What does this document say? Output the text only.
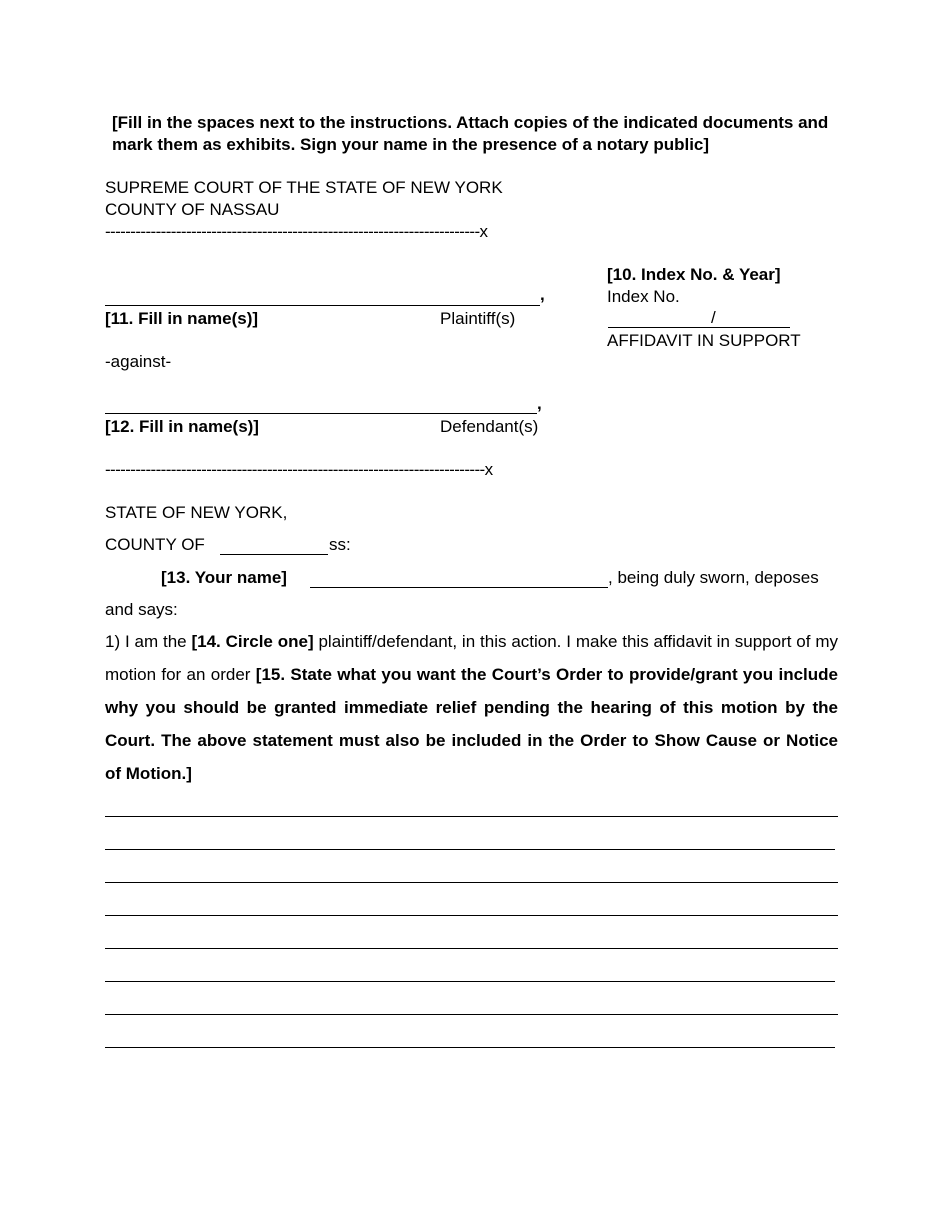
[Fill in the spaces next to the instructions. Attach copies of the indicated documents and mark them as exhibits. Sign your name in the presence of a notary public]
SUPREME COURT OF THE STATE OF NEW YORK
COUNTY OF NASSAU
--------------------------------------------------------------------------x
[10. Index No. & Year]
Index No.
/
AFFIDAVIT IN SUPPORT
,
[11. Fill in name(s)]	Plaintiff(s)
-against-
,
[12. Fill in name(s)]	Defendant(s)
---------------------------------------------------------------------------x
STATE OF NEW YORK,
COUNTY OF	ss:
[13. Your name]	, being duly sworn, deposes
and says:
1) I am the [14. Circle one] plaintiff/defendant, in this action. I make this affidavit in support of my motion for an order [15. State what you want the Court’s Order to provide/grant you include why you should be granted immediate relief pending the hearing of this motion by the Court. The above statement must also be included in the Order to Show Cause or Notice of Motion.]
